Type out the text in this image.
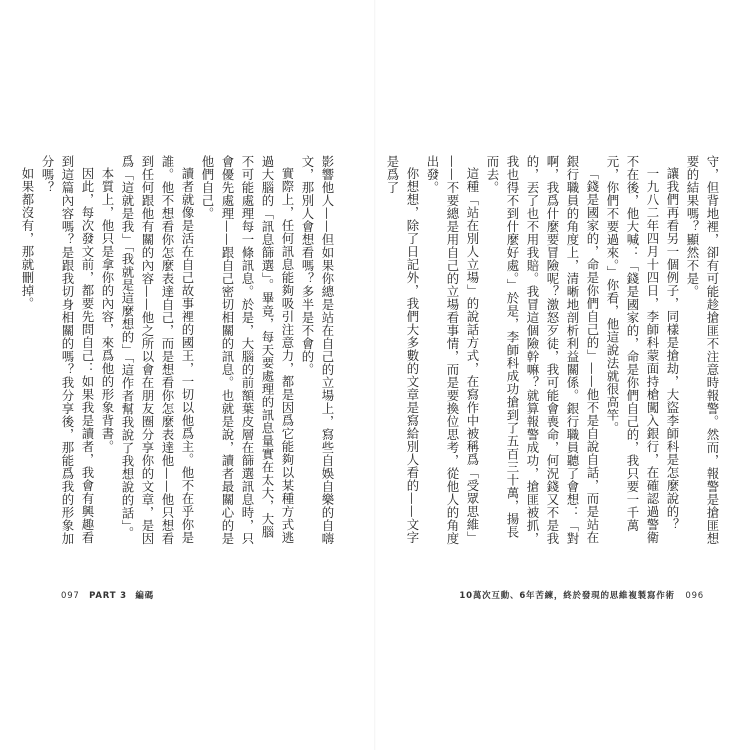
影響他人——但如果你總是站在自己的立場上，寫些自娛自樂的自嗨文，那別人會想看嗎？多半是不會的。

實際上，任何訊息能夠吸引注意力，都是因爲它能夠以某種方式逃過大腦的「訊息篩選」。畢竟，每天要處理的訊息量實在太大，大腦不可能處理每一條訊息。於是，大腦的前額葉皮層在篩選訊息時，只會優先處理——跟自己密切相關的訊息。也就是說，讀者最關心的是他們自己。

讀者就像是活在自己故事裡的國王，一切以他爲主。他不在乎你是誰。他不想看你怎麼表達自己，而是想看你怎麼表達他——他只想看到任何跟他有關的內容——他之所以會在朋友圈分享你的文章，是因爲「這就是我」「我就是這麼想的」「這作者幫我說了我想說的話」。

本質上，他只是拿你的內容，來爲他的形象背書。

因此，每次發文前，都要先問自己：如果我是讀者，我會有興趣看到這篇內容嗎？是跟我切身相關的嗎？我分享後，那能爲我的形象加分嗎？

如果都沒有，那就刪掉。

097 PART 3 編碼

守，但背地裡，卻有可能趁搶匪不注意時報警。然而，報警是搶匪想要的結果嗎？顯然不是。

讓我們再看另一個例子，同樣是搶劫，大盜李師科是怎麼說的？

一九八二年四月十四日，李師科蒙面持槍闖入銀行，在確認過警衛不在後，他大喊：「錢是國家的，命是你們自己的，我只要一千萬元，你們不要過來。」你看，他這說法就很高竿。

「錢是國家的，命是你們自己的」——他不是自說自話，而是站在銀行職員的角度上，清晰地剖析利益關係。銀行職員聽了會想：「對啊，我爲什麼要冒險呢？激怒歹徒，我可能會喪命，何況錢又不是我的，丟了也不用我賠。我冒這個險幹嘛？就算報警成功，搶匪被抓，我也得不到什麼好處。」於是，李師科成功搶到了五百三十萬，揚長而去。

這種「站在別人立場」的說話方式，在寫作中被稱爲「受眾思維」——不要總是用自己的立場看事情，而是要換位思考，從他人的角度出發。

你想想，除了日記外，我們大多數的文章是寫給別人看的——文字是爲了

10萬次互動、6年苦練，終於發現的思維複製寫作術 096
